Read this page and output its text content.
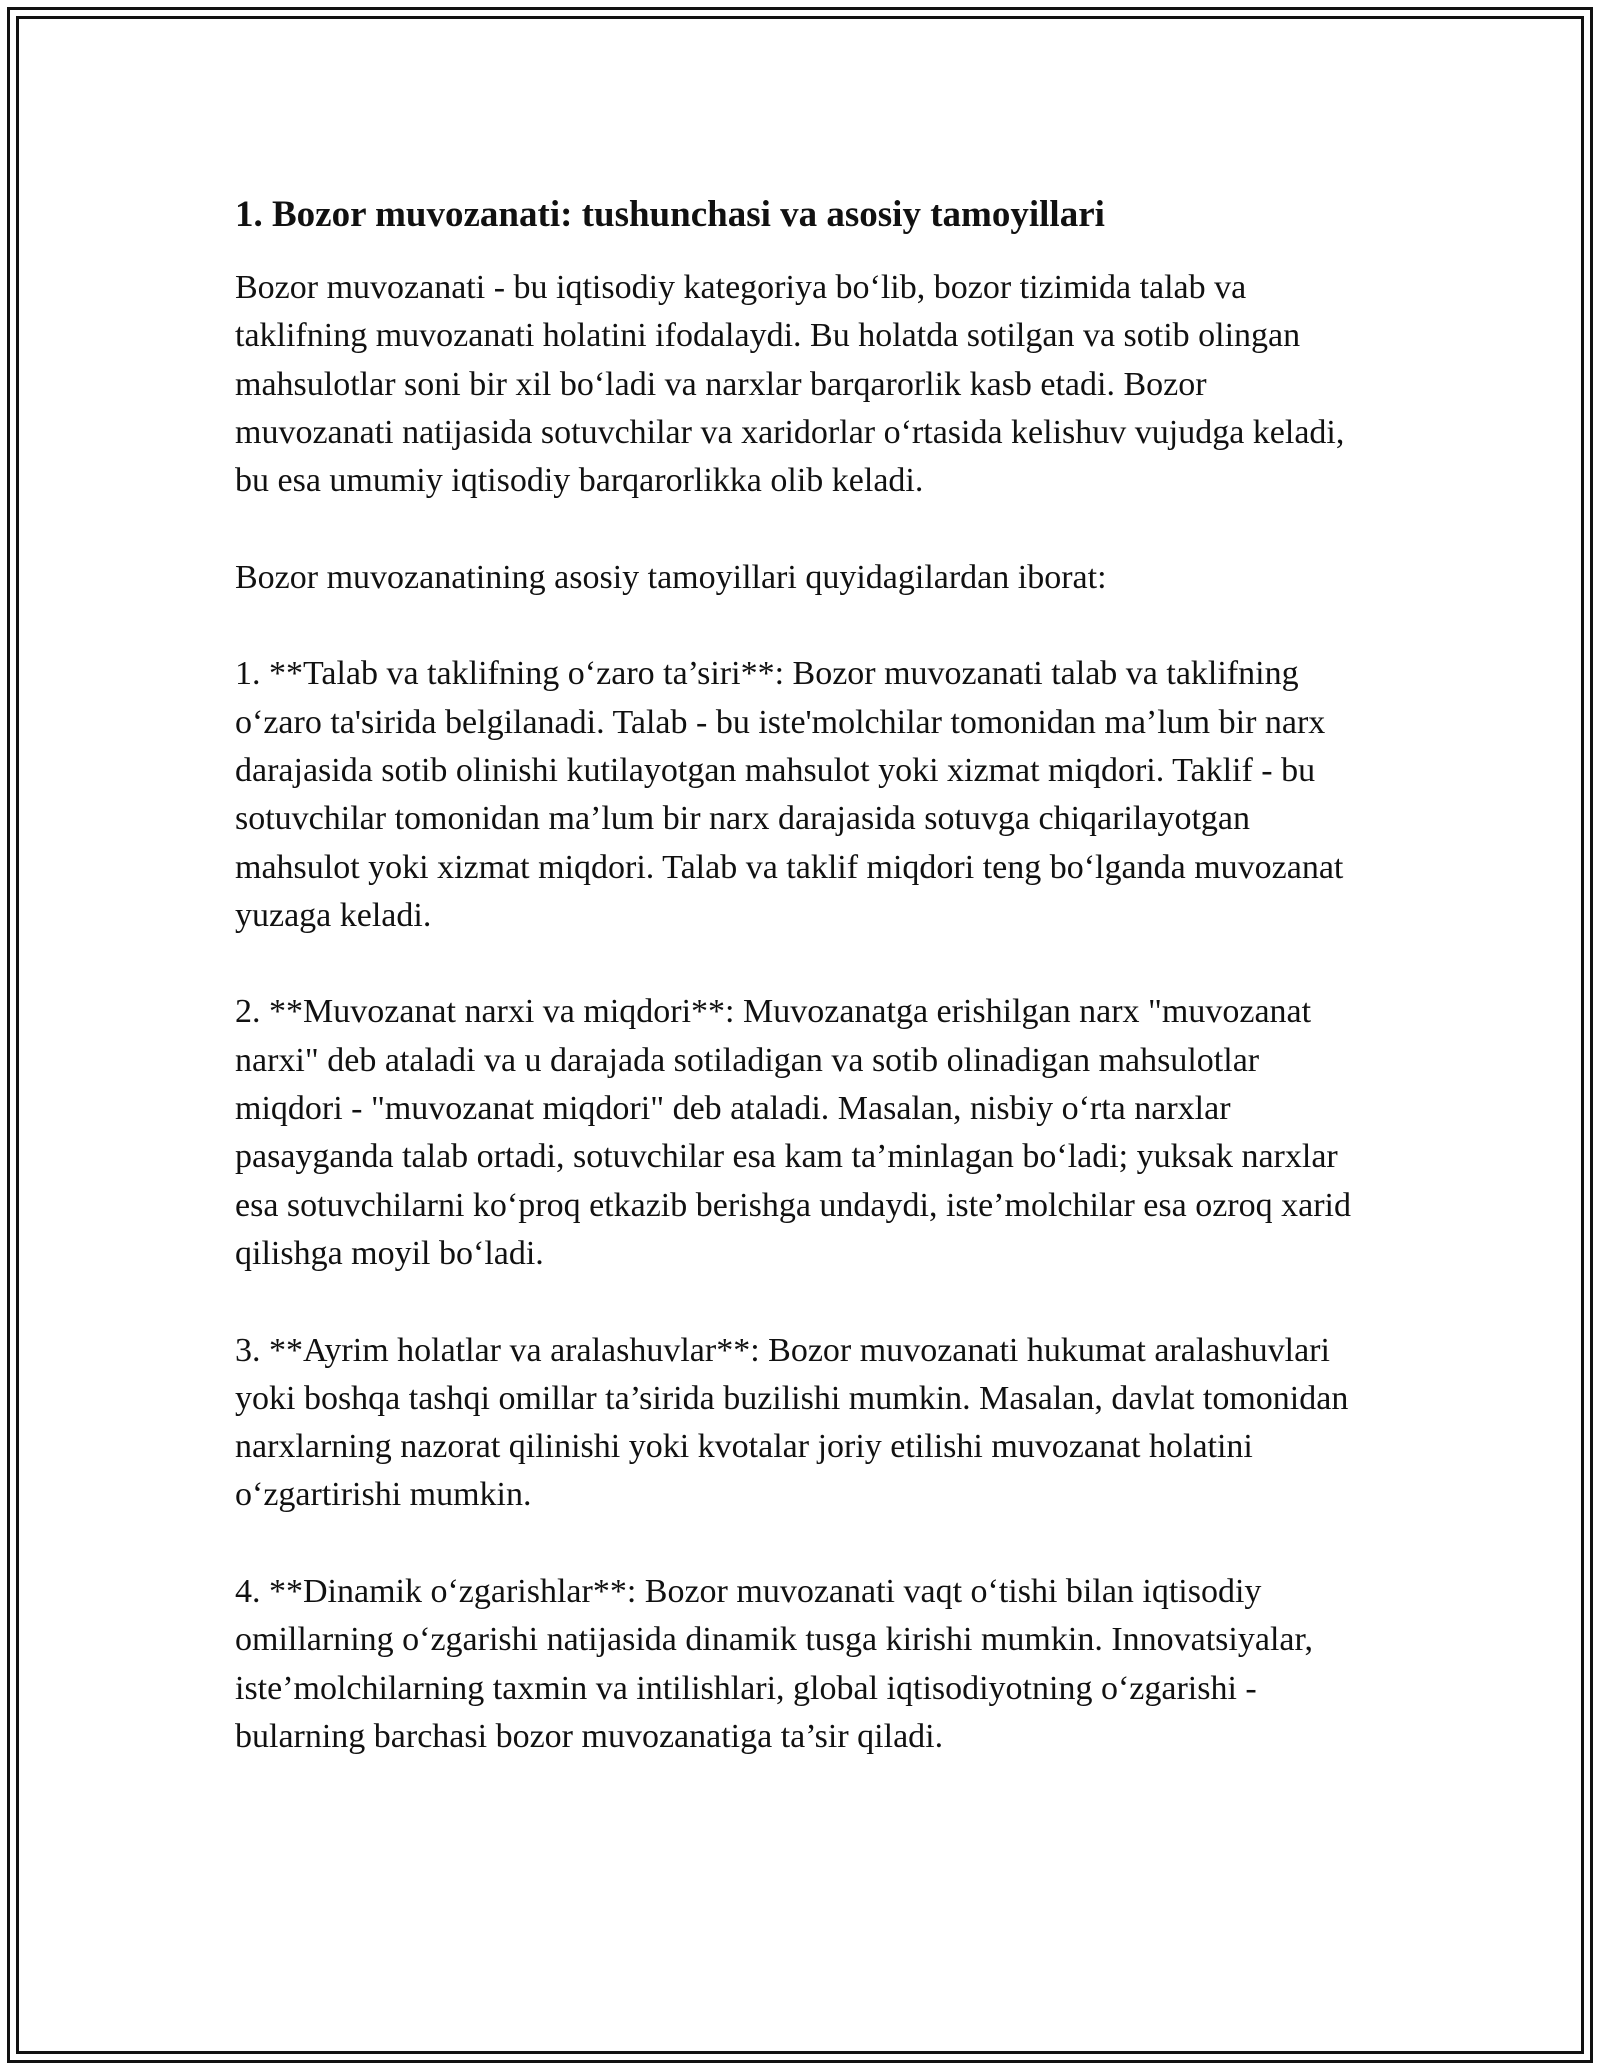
1. Bozor muvozanati: tushunchasi va asosiy tamoyillari

Bozor muvozanati - bu iqtisodiy kategoriya bo‘lib, bozor tizimida talab va taklifning muvozanati holatini ifodalaydi. Bu holatda sotilgan va sotib olingan mahsulotlar soni bir xil bo‘ladi va narxlar barqarorlik kasb etadi. Bozor muvozanati natijasida sotuvchilar va xaridorlar o‘rtasida kelishuv vujudga keladi, bu esa umumiy iqtisodiy barqarorlikka olib keladi.

Bozor muvozanatining asosiy tamoyillari quyidagilardan iborat:

1. **Talab va taklifning o‘zaro ta’siri**: Bozor muvozanati talab va taklifning o‘zaro ta'sirida belgilanadi. Talab - bu iste'molchilar tomonidan ma’lum bir narx darajasida sotib olinishi kutilayotgan mahsulot yoki xizmat miqdori. Taklif - bu sotuvchilar tomonidan ma’lum bir narx darajasida sotuvga chiqarilayotgan mahsulot yoki xizmat miqdori. Talab va taklif miqdori teng bo‘lganda muvozanat yuzaga keladi.

2. **Muvozanat narxi va miqdori**: Muvozanatga erishilgan narx "muvozanat narxi" deb ataladi va u darajada sotiladigan va sotib olinadigan mahsulotlar miqdori - "muvozanat miqdori" deb ataladi. Masalan, nisbiy o‘rta narxlar pasayganda talab ortadi, sotuvchilar esa kam ta’minlagan bo‘ladi; yuksak narxlar esa sotuvchilarni ko‘proq etkazib berishga undaydi, iste’molchilar esa ozroq xarid qilishga moyil bo‘ladi.

3. **Ayrim holatlar va aralashuvlar**: Bozor muvozanati hukumat aralashuvlari yoki boshqa tashqi omillar ta’sirida buzilishi mumkin. Masalan, davlat tomonidan narxlarning nazorat qilinishi yoki kvotalar joriy etilishi muvozanat holatini o‘zgartirishi mumkin.

4. **Dinamik o‘zgarishlar**: Bozor muvozanati vaqt o‘tishi bilan iqtisodiy omillarning o‘zgarishi natijasida dinamik tusga kirishi mumkin. Innovatsiyalar, iste’molchilarning taxmin va intilishlari, global iqtisodiyotning o‘zgarishi - bularning barchasi bozor muvozanatiga ta’sir qiladi.
